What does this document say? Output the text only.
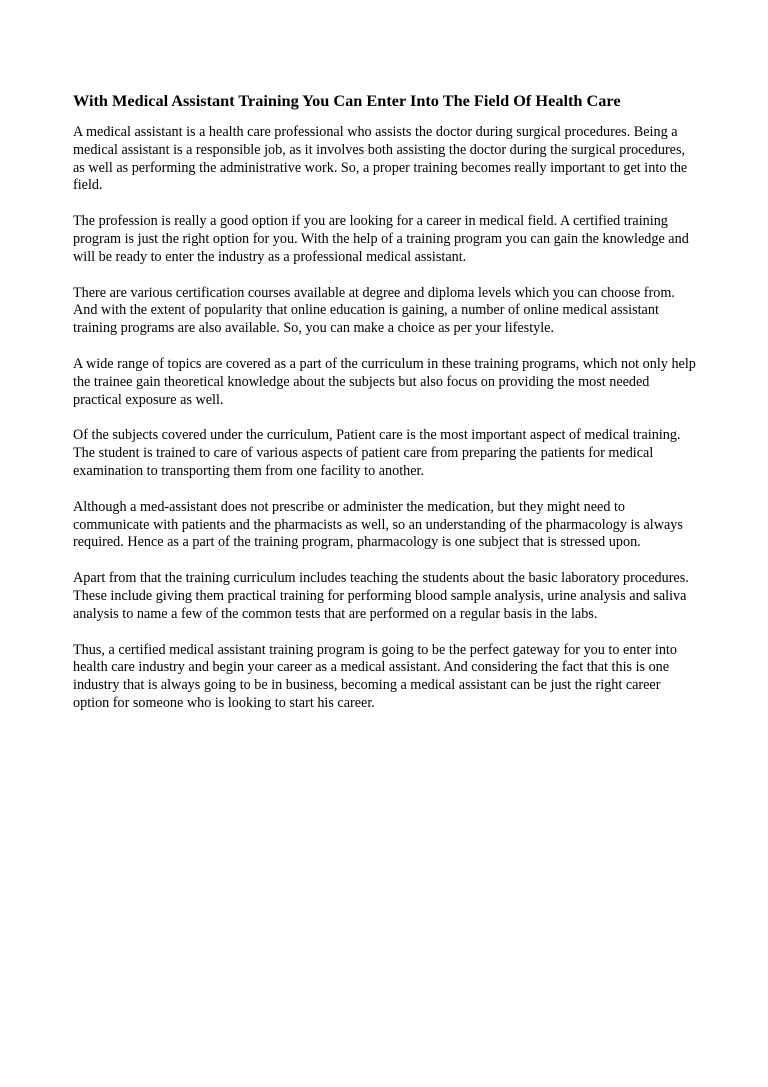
With Medical Assistant Training You Can Enter Into The Field Of Health Care

A medical assistant is a health care professional who assists the doctor during surgical procedures. Being a medical assistant is a responsible job, as it involves both assisting the doctor during the surgical procedures, as well as performing the administrative work. So, a proper training becomes really important to get into the field.

The profession is really a good option if you are looking for a career in medical field. A certified training program is just the right option for you. With the help of a training program you can gain the knowledge and will be ready to enter the industry as a professional medical assistant.

There are various certification courses available at degree and diploma levels which you can choose from. And with the extent of popularity that online education is gaining, a number of online medical assistant training programs are also available. So, you can make a choice as per your lifestyle.

A wide range of topics are covered as a part of the curriculum in these training programs, which not only help the trainee gain theoretical knowledge about the subjects but also focus on providing the most needed practical exposure as well.

Of the subjects covered under the curriculum, Patient care is the most important aspect of medical training. The student is trained to care of various aspects of patient care from preparing the patients for medical examination to transporting them from one facility to another.

Although a med-assistant does not prescribe or administer the medication, but they might need to communicate with patients and the pharmacists as well, so an understanding of the pharmacology is always required. Hence as a part of the training program, pharmacology is one subject that is stressed upon.

Apart from that the training curriculum includes teaching the students about the basic laboratory procedures. These include giving them practical training for performing blood sample analysis, urine analysis and saliva analysis to name a few of the common tests that are performed on a regular basis in the labs.

Thus, a certified medical assistant training program is going to be the perfect gateway for you to enter into health care industry and begin your career as a medical assistant. And considering the fact that this is one industry that is always going to be in business, becoming a medical assistant can be just the right career option for someone who is looking to start his career.
